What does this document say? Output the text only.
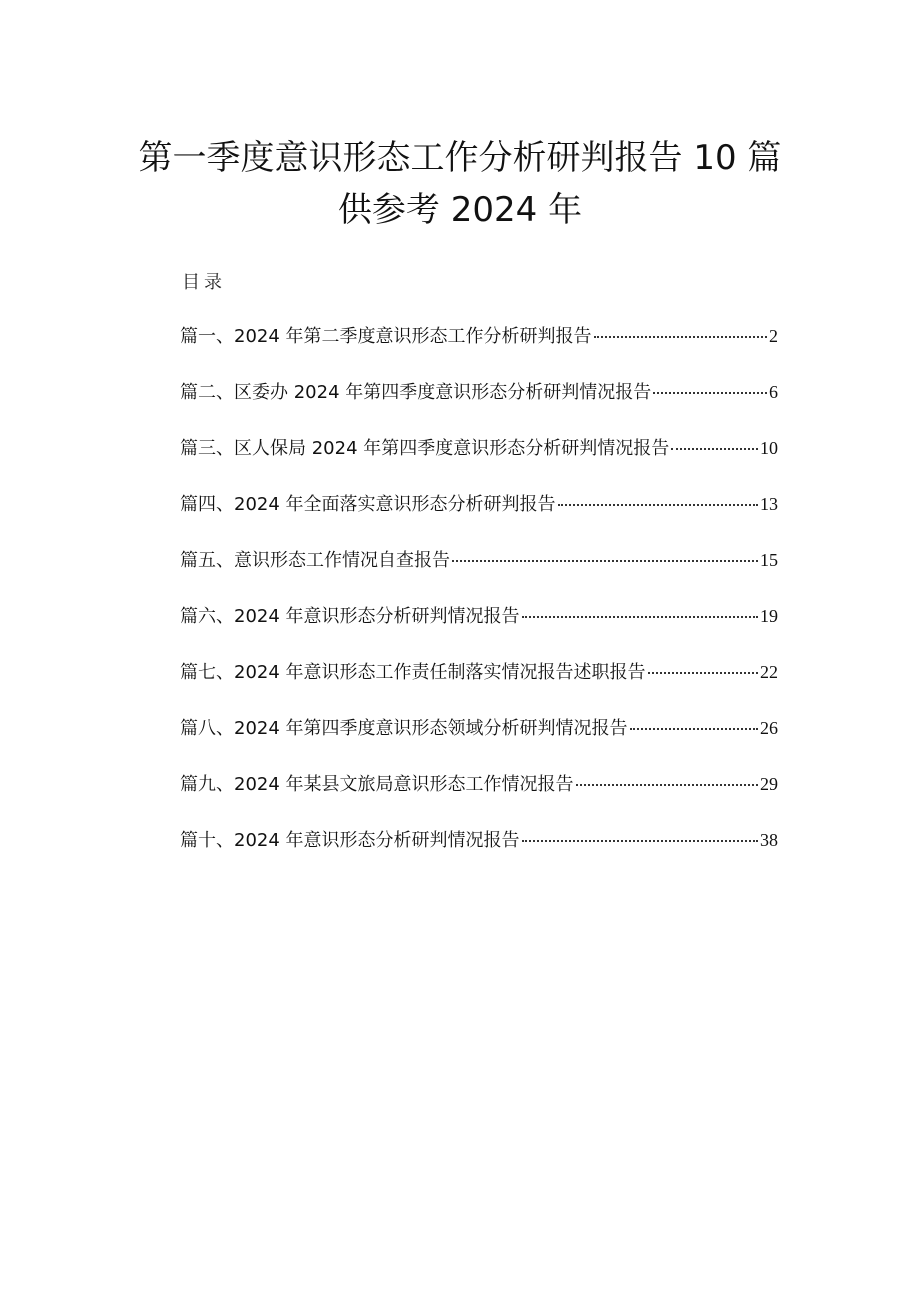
第一季度意识形态工作分析研判报告 10 篇
供参考 2024 年
目录
篇一、 2024 年第二季度意识形态工作分析研判报告	2
篇二、 区委办 2024 年第四季度意识形态分析研判情况报告	6
篇三、 区人保局 2024 年第四季度意识形态分析研判情况报告	10
篇四、 2024 年全面落实意识形态分析研判报告	13
篇五、 意识形态工作情况自查报告	15
篇六、 2024 年意识形态分析研判情况报告	19
篇七、 2024 年意识形态工作责任制落实情况报告述职报告	22
篇八、 2024 年第四季度意识形态领域分析研判情况报告	26
篇九、 2024 年某县文旅局意识形态工作情况报告	29
篇十、 2024 年意识形态分析研判情况报告	38
